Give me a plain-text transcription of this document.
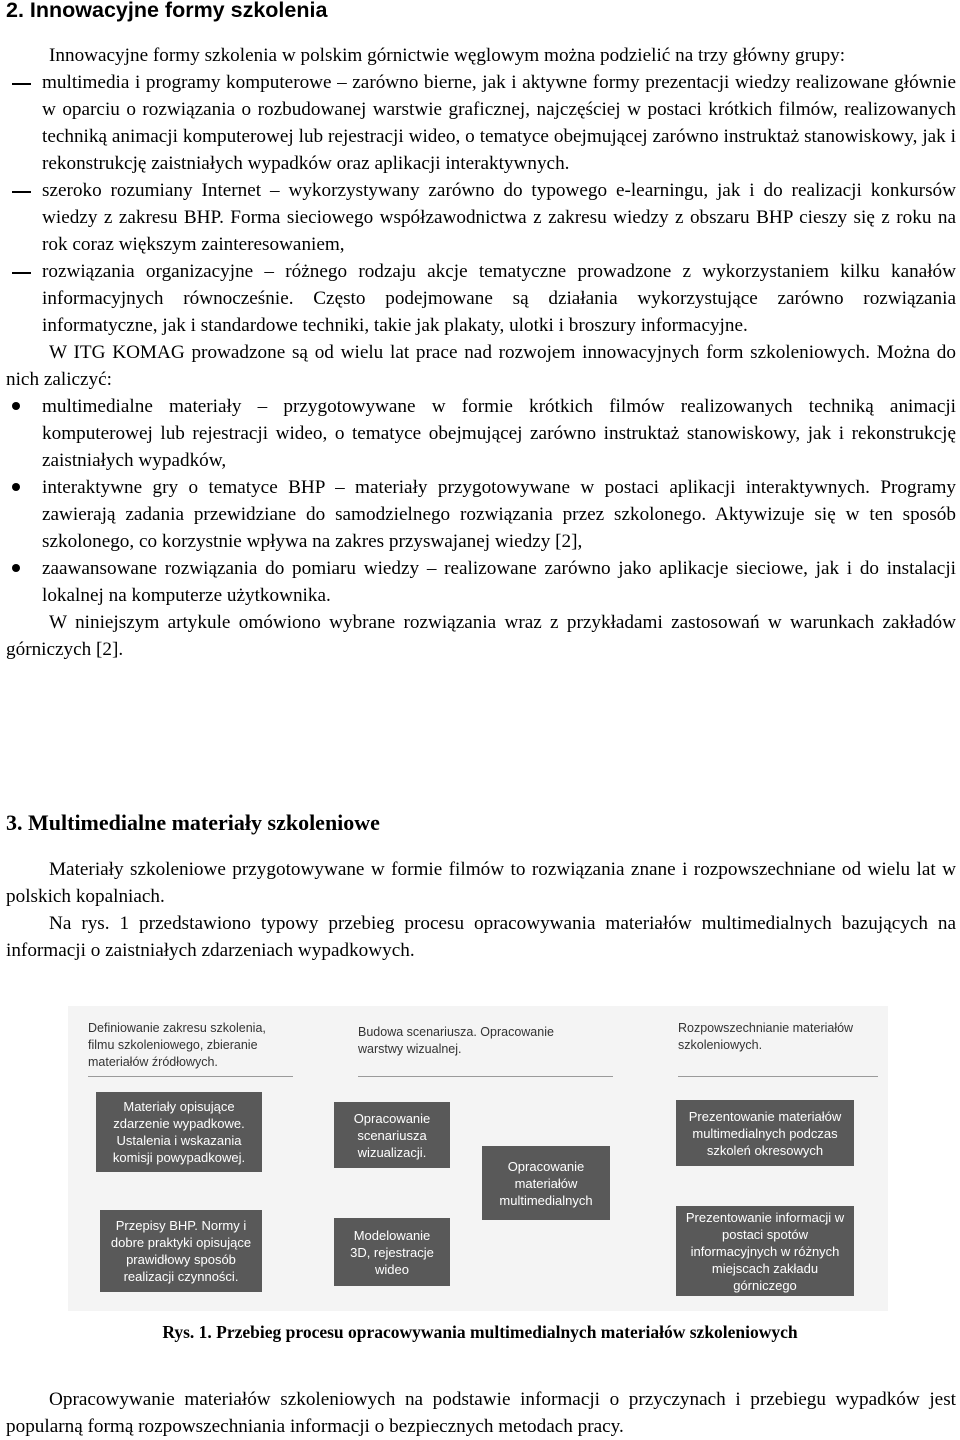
2. Innowacyjne formy szkolenia

Innowacyjne formy szkolenia w polskim górnictwie węglowym można podzielić na trzy główny grupy:

multimedia i programy komputerowe – zarówno bierne, jak i aktywne formy prezentacji wiedzy realizowane głównie w oparciu o rozwiązania o rozbudowanej warstwie graficznej, najczęściej w postaci krótkich filmów, realizowanych techniką animacji komputerowej lub rejestracji wideo, o tematyce obejmującej zarówno instruktaż stanowiskowy, jak i rekonstrukcję zaistniałych wypadków oraz aplikacji interaktywnych.
szeroko rozumiany Internet – wykorzystywany zarówno do typowego e-learningu, jak i do realizacji konkursów wiedzy z zakresu BHP. Forma sieciowego współzawodnictwa z zakresu wiedzy z obszaru BHP cieszy się z roku na rok coraz większym zainteresowaniem,
rozwiązania organizacyjne – różnego rodzaju akcje tematyczne prowadzone z wykorzystaniem kilku kanałów informacyjnych równocześnie. Często podejmowane są działania wykorzystujące zarówno rozwiązania informatyczne, jak i standardowe techniki, takie jak plakaty, ulotki i broszury informacyjne.

W ITG KOMAG prowadzone są od wielu lat prace nad rozwojem innowacyjnych form szkoleniowych. Można do nich zaliczyć:

multimedialne materiały – przygotowywane w formie krótkich filmów realizowanych techniką animacji komputerowej lub rejestracji wideo, o tematyce obejmującej zarówno instruktaż stanowiskowy, jak i rekonstrukcję zaistniałych wypadków,
interaktywne gry o tematyce BHP – materiały przygotowywane w postaci aplikacji interaktywnych. Programy zawierają zadania przewidziane do samodzielnego rozwiązania przez szkolonego. Aktywizuje się w ten sposób szkolonego, co korzystnie wpływa na zakres przyswajanej wiedzy [2],
zaawansowane rozwiązania do pomiaru wiedzy – realizowane zarówno jako aplikacje sieciowe, jak i do instalacji lokalnej na komputerze użytkownika.

W niniejszym artykule omówiono wybrane rozwiązania wraz z przykładami zastosowań w warunkach zakładów górniczych [2].

3. Multimedialne materiały szkoleniowe

Materiały szkoleniowe przygotowywane w formie filmów to rozwiązania znane i rozpowszechniane od wielu lat w polskich kopalniach.

Na rys. 1 przedstawiono typowy przebieg procesu opracowywania materiałów multimedialnych bazujących na informacji o zaistniałych zdarzeniach wypadkowych.

Definiowanie zakresu szkolenia, filmu szkoleniowego, zbieranie materiałów źródłowych.
Budowa scenariusza. Opracowanie warstwy wizualnej.
Rozpowszechnianie materiałów szkoleniowych.
Materiały opisujące zdarzenie wypadkowe. Ustalenia i wskazania komisji powypadkowej.
Przepisy BHP. Normy i dobre praktyki opisujące prawidłowy sposób realizacji czynności.
Opracowanie scenariusza wizualizacji.
Modelowanie 3D, rejestracje wideo
Opracowanie materiałów multimedialnych
Prezentowanie materiałów multimedialnych podczas szkoleń okresowych
Prezentowanie informacji w postaci spotów informacyjnych w różnych miejscach zakładu górniczego
Rys. 1. Przebieg procesu opracowywania multimedialnych materiałów szkoleniowych

Opracowywanie materiałów szkoleniowych na podstawie informacji o przyczynach i przebiegu wypadków jest popularną formą rozpowszechniania informacji o bezpiecznych metodach pracy.
